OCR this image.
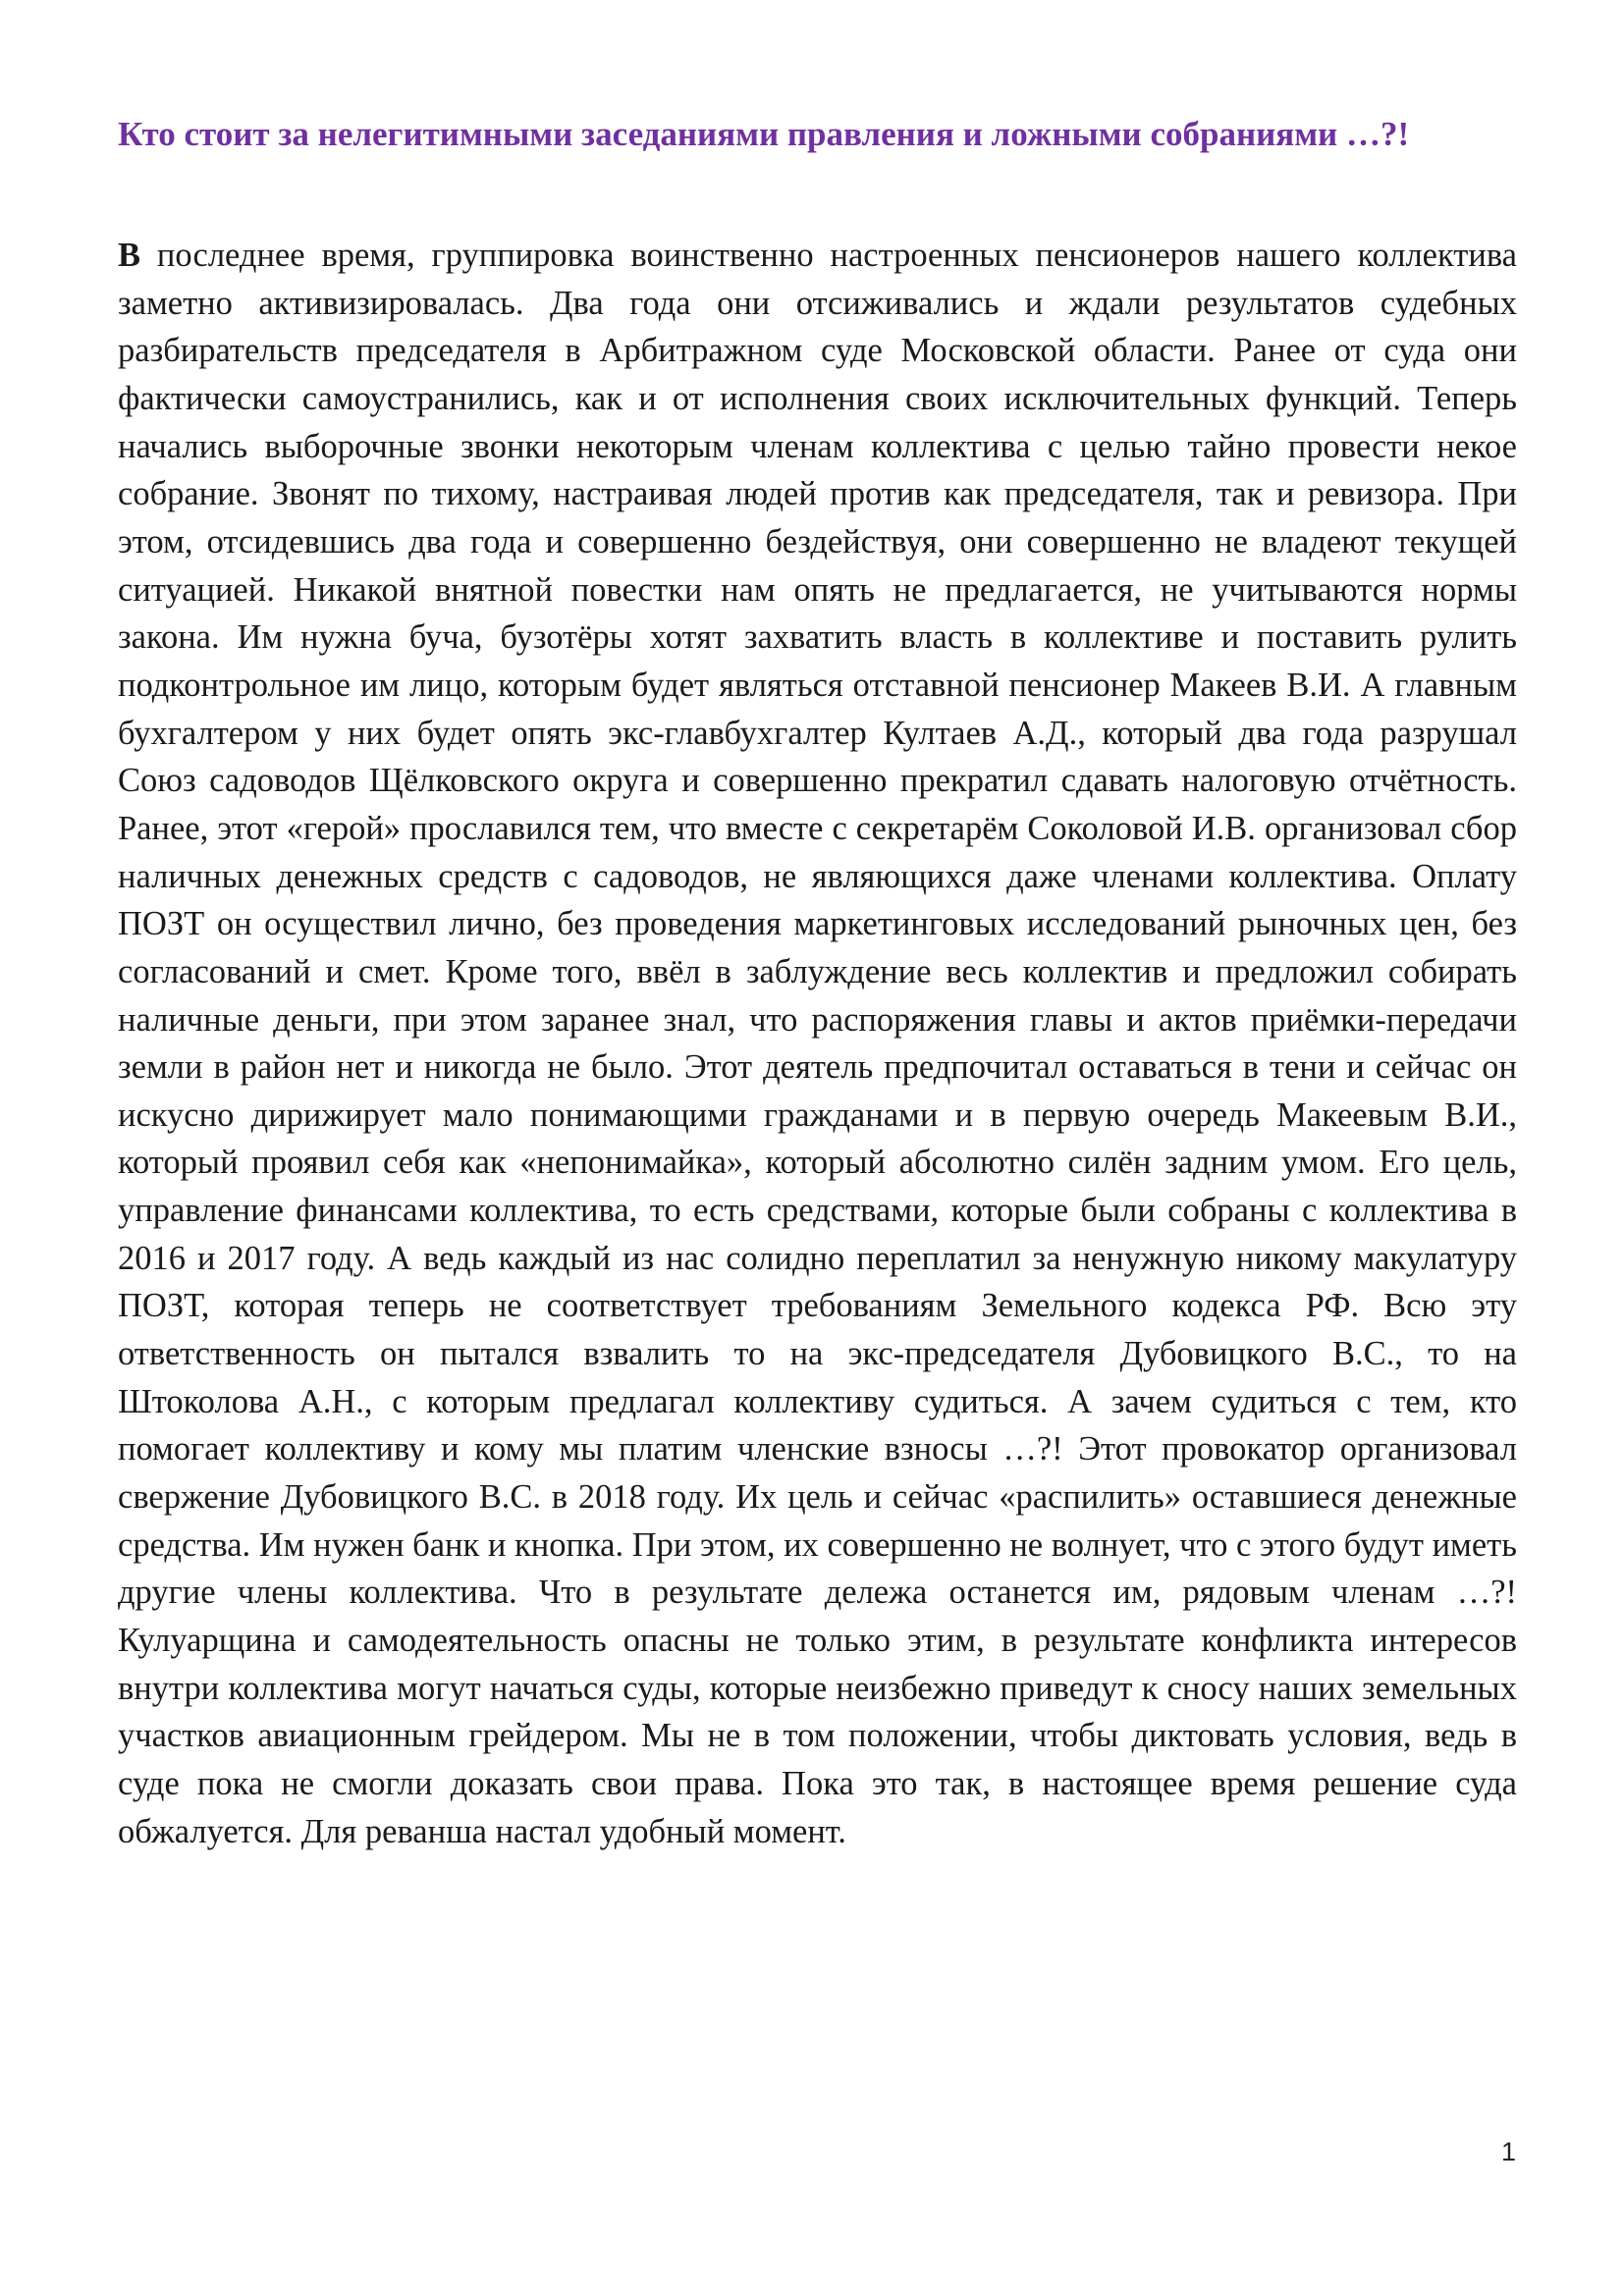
Кто стоит за нелегитимными заседаниями правления и ложными собраниями …?!

В последнее время, группировка воинственно настроенных пенсионеров нашего коллектива заметно активизировалась. Два года они отсиживались и ждали результатов судебных разбирательств председателя в Арбитражном суде Московской области. Ранее от суда они фактически самоустранились, как и от исполнения своих исключительных функций. Теперь начались выборочные звонки некоторым членам коллектива с целью тайно провести некое собрание. Звонят по тихому, настраивая людей против как председателя, так и ревизора. При этом, отсидевшись два года и совершенно бездействуя, они совершенно не владеют текущей ситуацией. Никакой внятной повестки нам опять не предлагается, не учитываются нормы закона. Им нужна буча, бузотёры хотят захватить власть в коллективе и поставить рулить подконтрольное им лицо, которым будет являться отставной пенсионер Макеев В.И. А главным бухгалтером у них будет опять экс-главбухгалтер Култаев А.Д., который два года разрушал Союз садоводов Щёлковского округа и совершенно прекратил сдавать налоговую отчётность. Ранее, этот «герой» прославился тем, что вместе с секретарём Соколовой И.В. организовал сбор наличных денежных средств с садоводов, не являющихся даже членами коллектива. Оплату ПОЗТ он осуществил лично, без проведения маркетинговых исследований рыночных цен, без согласований и смет. Кроме того, ввёл в заблуждение весь коллектив и предложил собирать наличные деньги, при этом заранее знал, что распоряжения главы и актов приёмки-передачи земли в район нет и никогда не было. Этот деятель предпочитал оставаться в тени и сейчас он искусно дирижирует мало понимающими гражданами и в первую очередь Макеевым В.И., который проявил себя как «непонимайка», который абсолютно силён задним умом. Его цель, управление финансами коллектива, то есть средствами, которые были собраны с коллектива в 2016 и 2017 году. А ведь каждый из нас солидно переплатил за ненужную никому макулатуру ПОЗТ, которая теперь не соответствует требованиям Земельного кодекса РФ. Всю эту ответственность он пытался взвалить то на экс-председателя Дубовицкого В.С., то на Штоколова А.Н., с которым предлагал коллективу судиться. А зачем судиться с тем, кто помогает коллективу и кому мы платим членские взносы …?! Этот провокатор организовал свержение Дубовицкого В.С. в 2018 году. Их цель и сейчас «распилить» оставшиеся денежные средства. Им нужен банк и кнопка. При этом, их совершенно не волнует, что с этого будут иметь другие члены коллектива. Что в результате дележа останется им, рядовым членам …?! Кулуарщина и самодеятельность опасны не только этим, в результате конфликта интересов внутри коллектива могут начаться суды, которые неизбежно приведут к сносу наших земельных участков авиационным грейдером. Мы не в том положении, чтобы диктовать условия, ведь в суде пока не смогли доказать свои права. Пока это так, в настоящее время решение суда обжалуется. Для реванша настал удобный момент.

1
